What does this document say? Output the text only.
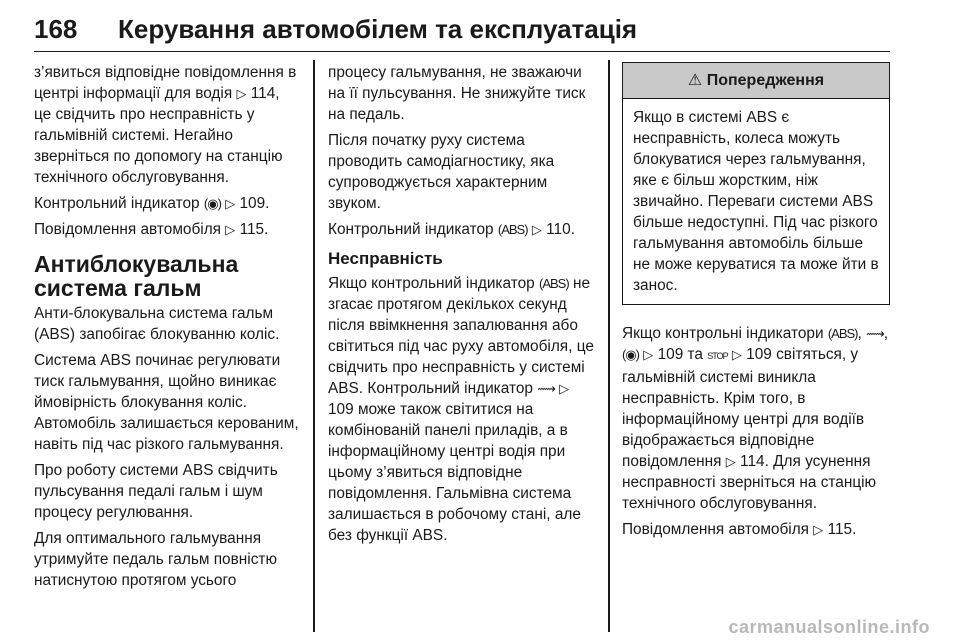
168	Керування автомобілем та експлуатація

з’явиться відповідне повідомлення в центрі інформації для водія ▷ 114, це свідчить про несправність у гальмівній системі. Негайно зверніться по допомогу на станцію технічного обслуговування.

Контрольний індикатор (◉) ▷ 109.

Повідомлення автомобіля ▷ 115.

Антиблокувальна система гальм

Анти-блокувальна система гальм (ABS) запобігає блокуванню коліс.

Система ABS починає регулювати тиск гальмування, щойно виникає ймовірність блокування коліс. Автомобіль залишається керованим, навіть під час різкого гальмування.

Про роботу системи ABS свідчить пульсування педалі гальм і шум процесу регулювання.

Для оптимального гальмування утримуйте педаль гальм повністю натиснутою протягом усього

процесу гальмування, не зважаючи на її пульсування. Не знижуйте тиск на педаль.

Після початку руху система проводить самодіагностику, яка супроводжується характерним звуком.

Контрольний індикатор (ABS) ▷ 110.

Несправність

Якщо контрольний індикатор (ABS) не згасає протягом декількох секунд після ввімкнення запалювання або світиться під час руху автомобіля, це свідчить про несправність у системі ABS. Контрольний індикатор ⟿ ▷ 109 може також світитися на комбінованій панелі приладів, а в інформаційному центрі водія при цьому з’явиться відповідне повідомлення. Гальмівна система залишається в робочому стані, але без функції ABS.

⚠ Попередження
Якщо в системі ABS є несправність, колеса можуть блокуватися через гальмування, яке є більш жорстким, ніж звичайно. Переваги системи ABS більше недоступні. Під час різкого гальмування автомобіль більше не може керуватися та може йти в занос.

Якщо контрольні індикатори (ABS), ⟿, (◉) ▷ 109 та STOP ▷ 109 світяться, у гальмівній системі виникла несправність. Крім того, в інформаційному центрі для водіїв відображається відповідне повідомлення ▷ 114. Для усунення несправності зверніться на станцію технічного обслуговування.

Повідомлення автомобіля ▷ 115.

carmanualsonline.info
